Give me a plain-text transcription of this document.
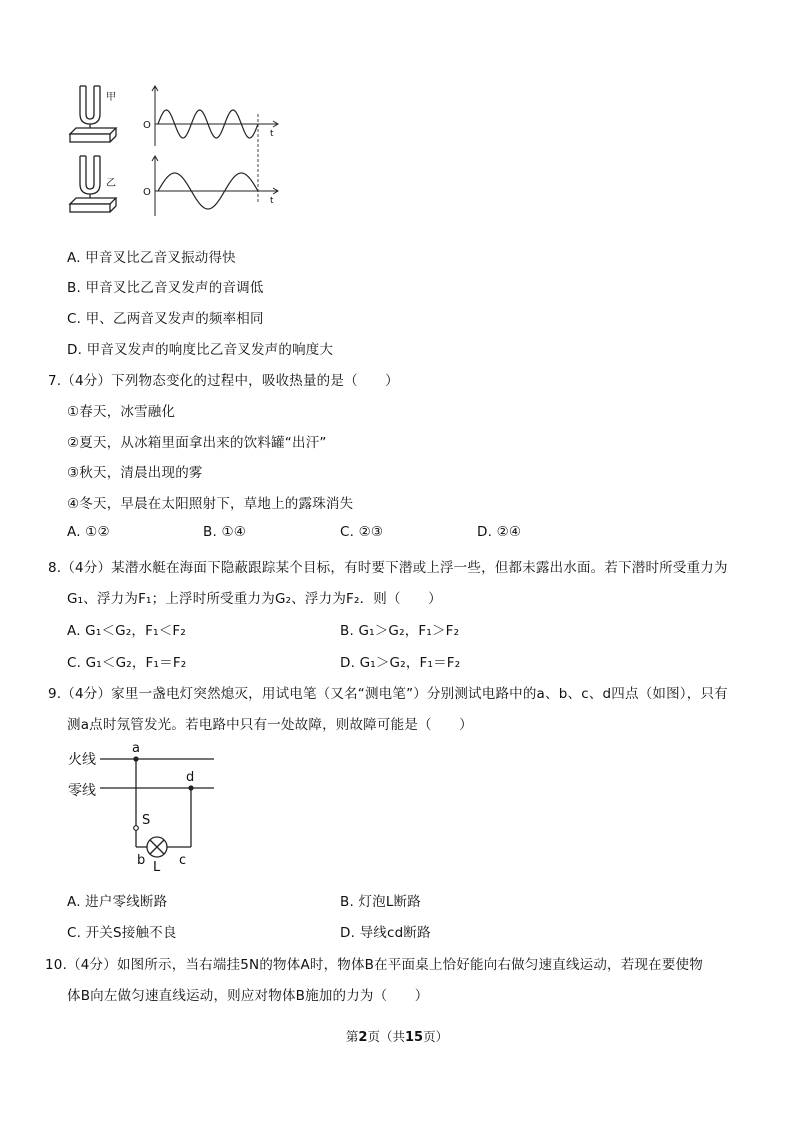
甲
乙
O
t
O
t
A. 甲音叉比乙音叉振动得快
B. 甲音叉比乙音叉发声的音调低
C. 甲、乙两音叉发声的频率相同
D. 甲音叉发声的响度比乙音叉发声的响度大
7.（4分）下列物态变化的过程中，吸收热量的是（　　）
①春天，冰雪融化
②夏天，从冰箱里面拿出来的饮料罐“出汗”
③秋天，清晨出现的雾
④冬天，早晨在太阳照射下，草地上的露珠消失
A. ①②	B. ①④	C. ②③	D. ②④
8.（4分）某潜水艇在海面下隐蔽跟踪某个目标，有时要下潜或上浮一些，但都未露出水面。若下潜时所受重力为
G₁、浮力为F₁；上浮时所受重力为G₂、浮力为F₂．则（　　）
A. G₁＜G₂，F₁＜F₂	B. G₁＞G₂，F₁＞F₂
C. G₁＜G₂，F₁＝F₂	D. G₁＞G₂，F₁＝F₂
9.（4分）家里一盏电灯突然熄灭，用试电笔（又名“测电笔”）分别测试电路中的a、b、c、d四点（如图），只有
测a点时氖管发光。若电路中只有一处故障，则故障可能是（　　）
火线
零线
a
d
S
b	c
L
A. 进户零线断路	B. 灯泡L断路
C. 开关S接触不良	D. 导线cd断路
10.（4分）如图所示，当右端挂5N的物体A时，物体B在平面桌上恰好能向右做匀速直线运动，若现在要使物
体B向左做匀速直线运动，则应对物体B施加的力为（　　）
第2页（共15页）
